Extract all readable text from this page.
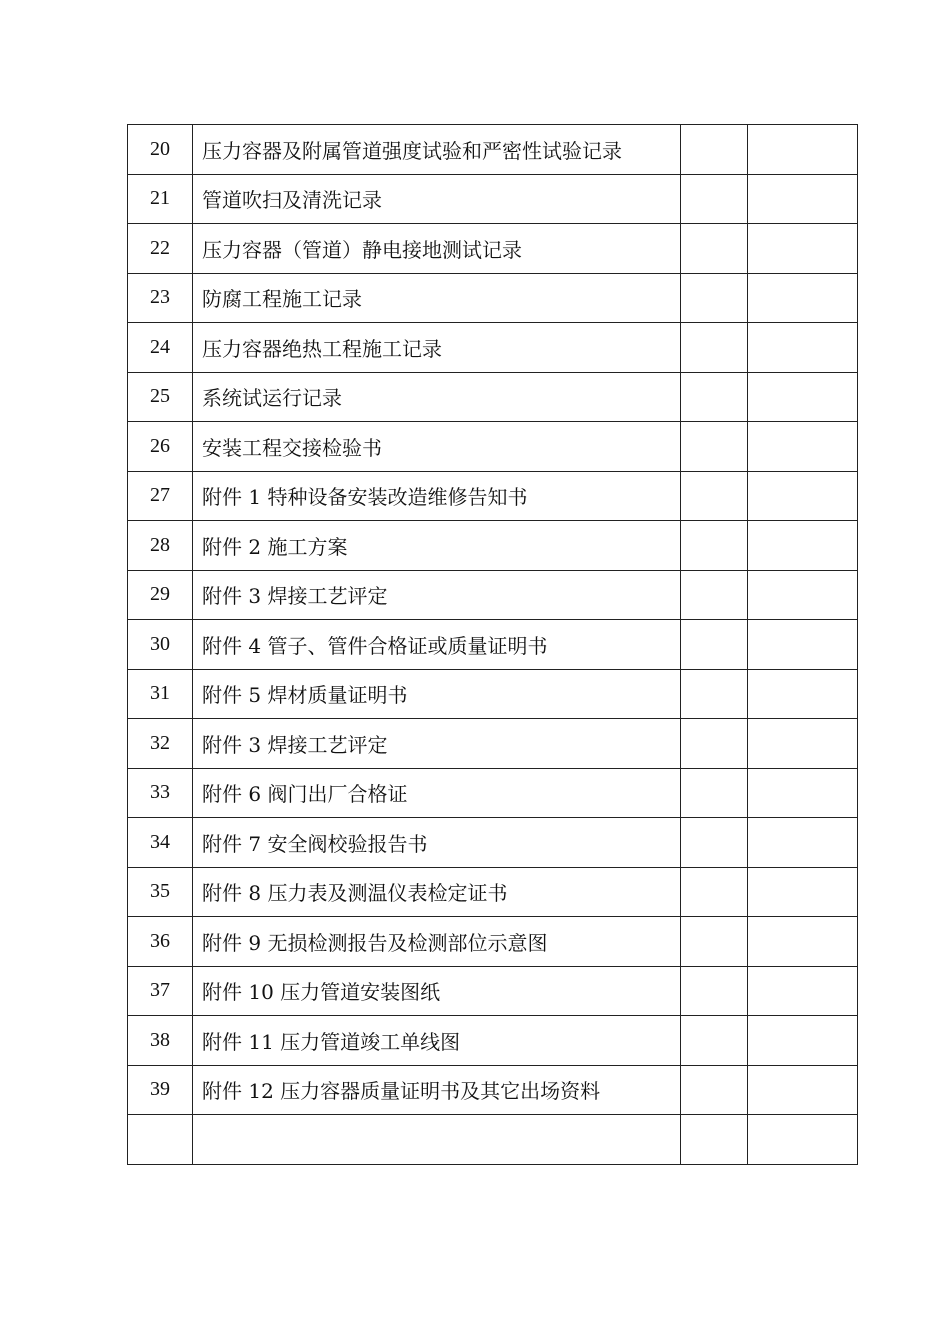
20	压力容器及附属管道强度试验和严密性试验记录		
21	管道吹扫及清洗记录		
22	压力容器（管道）静电接地测试记录		
23	防腐工程施工记录		
24	压力容器绝热工程施工记录		
25	系统试运行记录		
26	安装工程交接检验书		
27	附件 1 特种设备安装改造维修告知书		
28	附件 2 施工方案		
29	附件 3 焊接工艺评定		
30	附件 4 管子、管件合格证或质量证明书		
31	附件 5 焊材质量证明书		
32	附件 3 焊接工艺评定		
33	附件 6 阀门出厂合格证		
34	附件 7 安全阀校验报告书		
35	附件 8 压力表及测温仪表检定证书		
36	附件 9 无损检测报告及检测部位示意图		
37	附件 10 压力管道安装图纸		
38	附件 11 压力管道竣工单线图		
39	附件 12 压力容器质量证明书及其它出场资料		
